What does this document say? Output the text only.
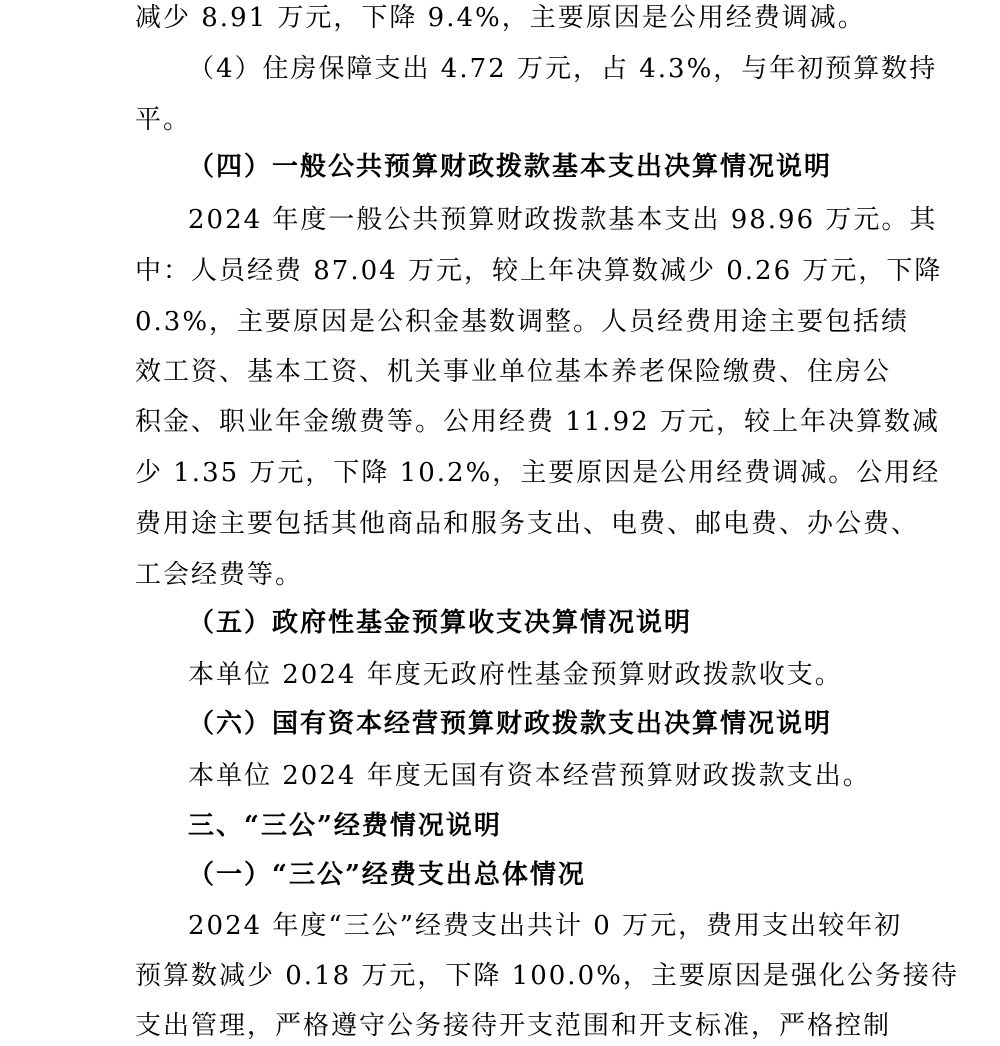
减少 8.91 万元，下降 9.4%，主要原因是公用经费调减。
（4）住房保障支出 4.72 万元，占 4.3%，与年初预算数持
平。
（四）一般公共预算财政拨款基本支出决算情况说明
2024 年度一般公共预算财政拨款基本支出 98.96 万元。其
中：人员经费 87.04 万元，较上年决算数减少 0.26 万元，下降
0.3%，主要原因是公积金基数调整。人员经费用途主要包括绩
效工资、基本工资、机关事业单位基本养老保险缴费、住房公
积金、职业年金缴费等。公用经费 11.92 万元，较上年决算数减
少 1.35 万元，下降 10.2%，主要原因是公用经费调减。公用经
费用途主要包括其他商品和服务支出、电费、邮电费、办公费、
工会经费等。
（五）政府性基金预算收支决算情况说明
本单位 2024 年度无政府性基金预算财政拨款收支。
（六）国有资本经营预算财政拨款支出决算情况说明
本单位 2024 年度无国有资本经营预算财政拨款支出。
三、“三公”经费情况说明
（一）“三公”经费支出总体情况
2024 年度“三公”经费支出共计 0 万元，费用支出较年初
预算数减少 0.18 万元，下降 100.0%，主要原因是强化公务接待
支出管理，严格遵守公务接待开支范围和开支标准，严格控制
